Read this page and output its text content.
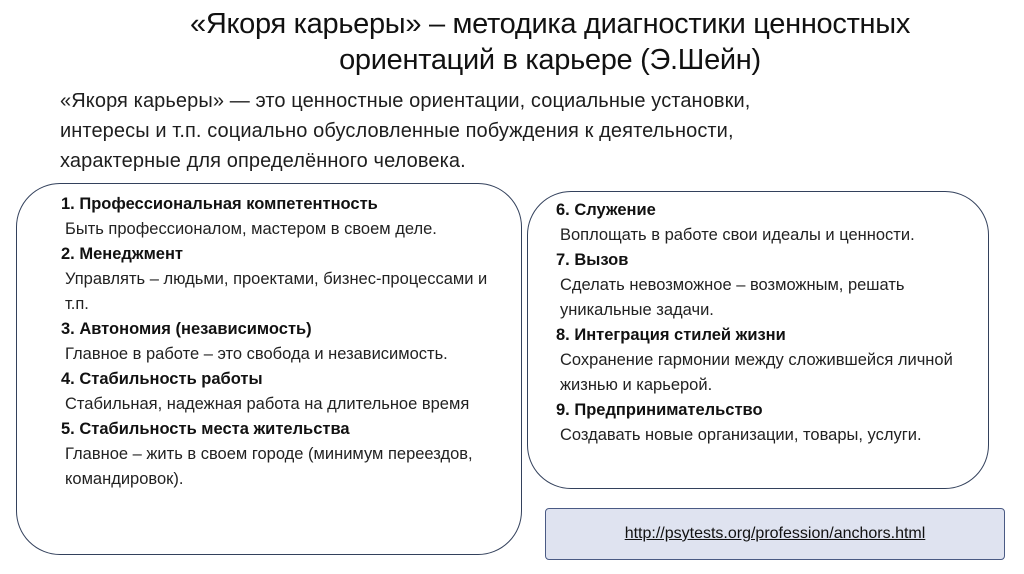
«Якоря карьеры» – методика диагностики ценностных
ориентаций в карьере (Э.Шейн)
«Якоря карьеры» — это ценностные ориентации, социальные установки,
интересы и т.п. социально обусловленные побуждения к деятельности,
характерные для определённого человека.
1. Профессиональная компетентность
Быть профессионалом, мастером в своем деле.
2. Менеджмент
Управлять – людьми, проектами, бизнес-процессами и т.п.
3. Автономия (независимость)
Главное в работе – это свобода и независимость.
4. Стабильность работы
Стабильная, надежная работа на длительное время
5. Стабильность места жительства
Главное – жить в своем городе (минимум переездов, командировок).
6. Служение
Воплощать в работе свои идеалы и ценности.
7. Вызов
Сделать невозможное – возможным, решать уникальные задачи.
8. Интеграция стилей жизни
Сохранение гармонии между сложившейся личной жизнью и карьерой.
9. Предпринимательство
Создавать новые организации, товары, услуги.
http://psytests.org/profession/anchors.html
